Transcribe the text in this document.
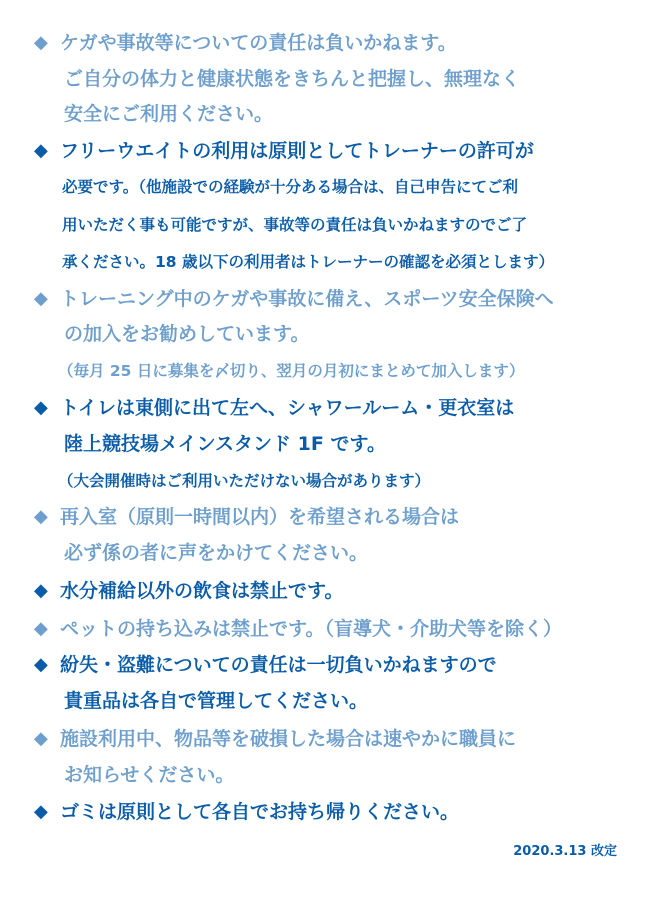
◆ ケガや事故等についての責任は負いかねます。
ご自分の体力と健康状態をきちんと把握し、無理なく
安全にご利用ください。
◆ フリーウエイトの利用は原則としてトレーナーの許可が
必要です。（他施設での経験が十分ある場合は、自己申告にてご利
用いただく事も可能ですが、事故等の責任は負いかねますのでご了
承ください。18 歳以下の利用者はトレーナーの確認を必須とします）
◆ トレーニング中のケガや事故に備え、スポーツ安全保険へ
の加入をお勧めしています。
（毎月 25 日に募集を〆切り、翌月の月初にまとめて加入します）
◆ トイレは東側に出て左へ、シャワールーム・更衣室は
陸上競技場メインスタンド 1F です。
（大会開催時はご利用いただけない場合があります）
◆ 再入室（原則一時間以内）を希望される場合は
必ず係の者に声をかけてください。
◆ 水分補給以外の飲食は禁止です。
◆ ペットの持ち込みは禁止です。（盲導犬・介助犬等を除く）
◆ 紛失・盗難についての責任は一切負いかねますので
貴重品は各自で管理してください。
◆ 施設利用中、物品等を破損した場合は速やかに職員に
お知らせください。
◆ ゴミは原則として各自でお持ち帰りください。
2020.3.13 改定
